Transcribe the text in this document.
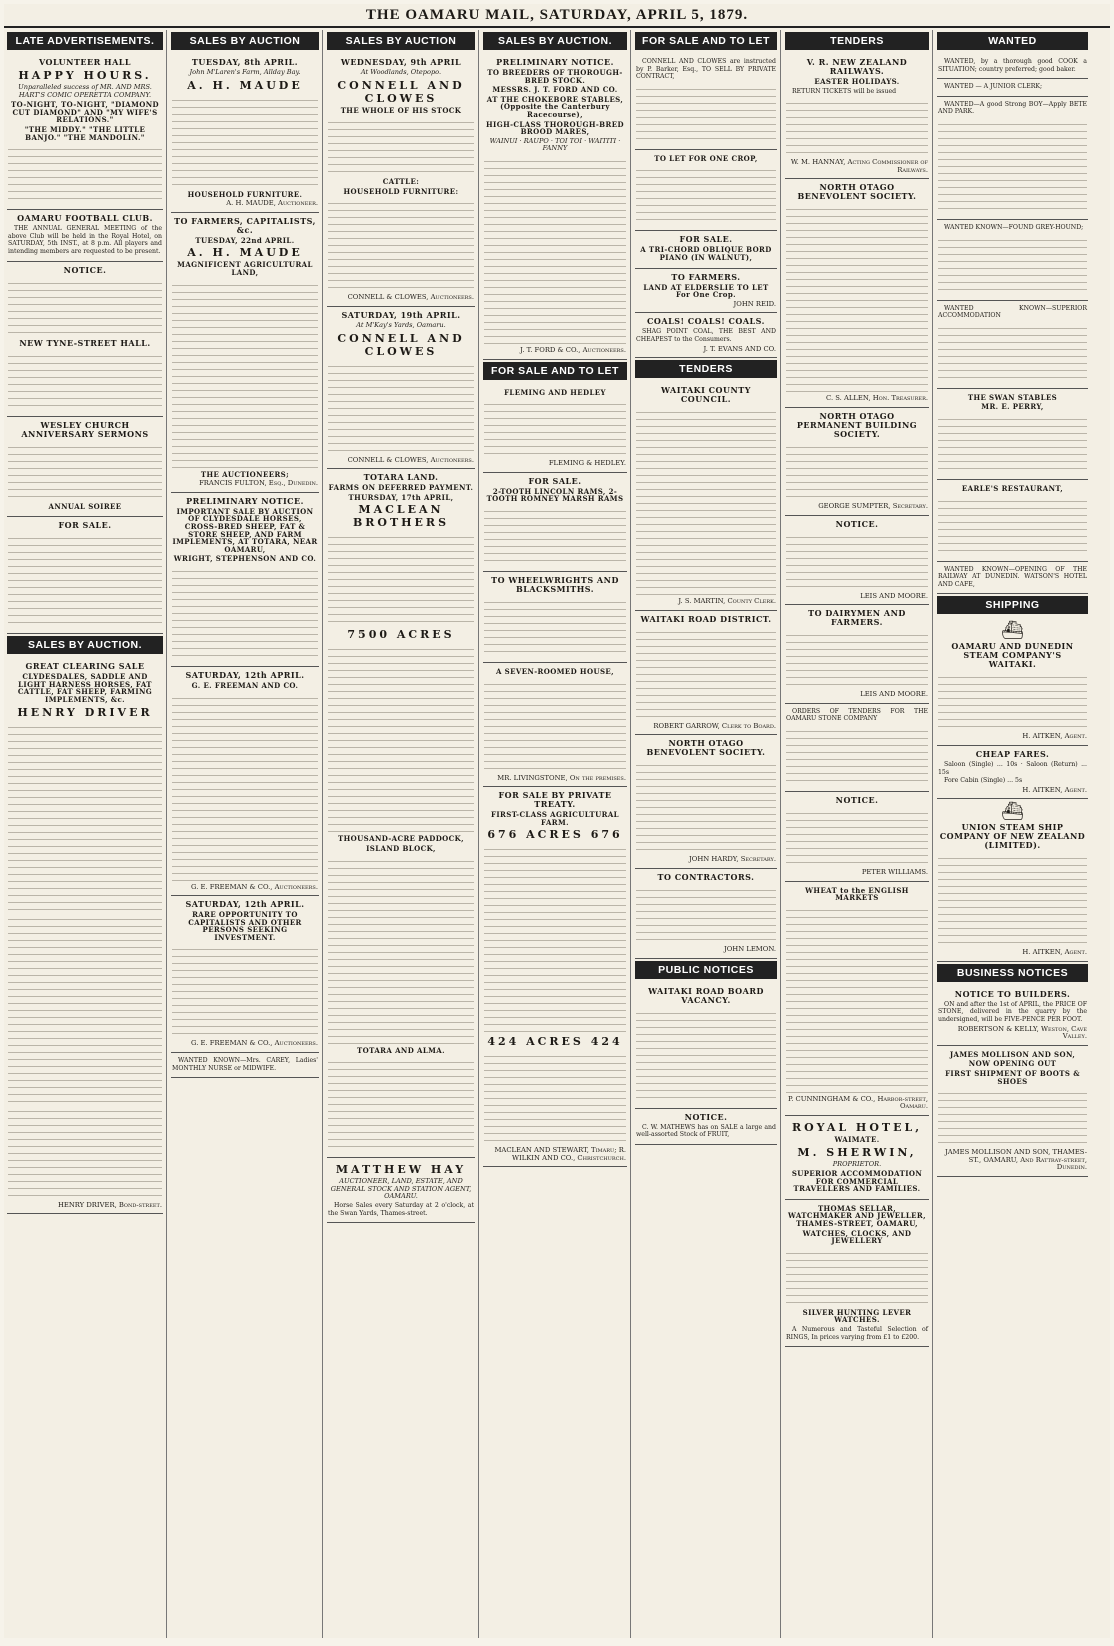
THE OAMARU MAIL, SATURDAY, APRIL 5, 1879.
LATE ADVERTISEMENTS.
VOLUNTEER HALL
HAPPY HOURS.
Unparalleled success of MR. AND MRS. HART'S COMIC OPERETTA COMPANY.
TO-NIGHT, TO-NIGHT, "DIAMOND CUT DIAMOND" AND "MY WIFE'S RELATIONS."
"THE MIDDY." "THE LITTLE BANJO." "THE MANDOLIN."
OAMARU FOOTBALL CLUB.

THE ANNUAL GENERAL MEETING of the above Club will be held in the Royal Hotel, on SATURDAY, 5th INST., at 8 p.m. All players and intending members are requested to be present.

NOTICE.
NEW TYNE-STREET HALL.
WESLEY CHURCH ANNIVERSARY SERMONS
ANNUAL SOIREE
FOR SALE.
SALES BY AUCTION.
GREAT CLEARING SALE
CLYDESDALES, SADDLE AND LIGHT HARNESS HORSES, FAT CATTLE, FAT SHEEP, FARMING IMPLEMENTS, &c.
HENRY DRIVER
HENRY DRIVER, Bond-street.
SALES BY AUCTION
TUESDAY, 8th APRIL.
John M'Laren's Farm, Allday Bay.
A. H. MAUDE
HOUSEHOLD FURNITURE.
A. H. MAUDE, Auctioneer.
TO FARMERS, CAPITALISTS, &c.
TUESDAY, 22nd APRIL.
A. H. MAUDE
MAGNIFICENT AGRICULTURAL LAND,
THE AUCTIONEERS;
FRANCIS FULTON, Esq., Dunedin.
PRELIMINARY NOTICE.
IMPORTANT SALE BY AUCTION OF CLYDESDALE HORSES, CROSS-BRED SHEEP, FAT & STORE SHEEP, AND FARM IMPLEMENTS, AT TOTARA, NEAR OAMARU,
WRIGHT, STEPHENSON AND CO.
SATURDAY, 12th APRIL.
G. E. FREEMAN AND CO.
G. E. FREEMAN & CO., Auctioneers.
SATURDAY, 12th APRIL.
RARE OPPORTUNITY TO CAPITALISTS AND OTHER PERSONS SEEKING INVESTMENT.
G. E. FREEMAN & CO., Auctioneers.

WANTED KNOWN—Mrs. CAREY, Ladies' MONTHLY NURSE or MIDWIFE.

SALES BY AUCTION
WEDNESDAY, 9th APRIL
At Woodlands, Otepopo.
CONNELL AND CLOWES
THE WHOLE OF HIS STOCK
CATTLE:
HOUSEHOLD FURNITURE:
CONNELL & CLOWES, Auctioneers.
SATURDAY, 19th APRIL.
At M'Kay's Yards, Oamaru.
CONNELL AND CLOWES
CONNELL & CLOWES, Auctioneers.
TOTARA LAND.
FARMS ON DEFERRED PAYMENT.
THURSDAY, 17th APRIL,
MACLEAN BROTHERS
7500 ACRES
THOUSAND-ACRE PADDOCK,
ISLAND BLOCK,
TOTARA AND ALMA.
MATTHEW HAY
AUCTIONEER, LAND, ESTATE, AND GENERAL STOCK AND STATION AGENT, OAMARU.

Horse Sales every Saturday at 2 o'clock, at the Swan Yards, Thames-street.

SALES BY AUCTION.
PRELIMINARY NOTICE.
TO BREEDERS OF THOROUGH-BRED STOCK.
MESSRS. J. T. FORD AND CO.
AT THE CHOKEBORE STABLES, (Opposite the Canterbury Racecourse),
HIGH-CLASS THOROUGH-BRED BROOD MARES,
WAINUI · RAUPO · TOI TOI · WAITITI · FANNY
J. T. FORD & CO., Auctioneers.
FOR SALE AND TO LET
FLEMING AND HEDLEY
FLEMING & HEDLEY.
FOR SALE.
2-TOOTH LINCOLN RAMS, 2-TOOTH ROMNEY MARSH RAMS
TO WHEELWRIGHTS AND BLACKSMITHS.
A SEVEN-ROOMED HOUSE,
MR. LIVINGSTONE, On the premises.
FOR SALE BY PRIVATE TREATY.
FIRST-CLASS AGRICULTURAL FARM.
676 ACRES 676
424 ACRES 424
MACLEAN AND STEWART, Timaru; R. WILKIN AND CO., Christchurch.
FOR SALE AND TO LET

CONNELL AND CLOWES are instructed by P. Barker, Esq., TO SELL BY PRIVATE CONTRACT,

TO LET FOR ONE CROP,
FOR SALE.
A TRI-CHORD OBLIQUE BORD PIANO (IN WALNUT),
TO FARMERS.
LAND AT ELDERSLIE TO LET For One Crop.
JOHN REID.
COALS! COALS! COALS.

SHAG POINT COAL, THE BEST AND CHEAPEST to the Consumers.

J. T. EVANS AND CO.
TENDERS
WAITAKI COUNTY COUNCIL.
J. S. MARTIN, County Clerk.
WAITAKI ROAD DISTRICT.
ROBERT GARROW, Clerk to Board.
NORTH OTAGO BENEVOLENT SOCIETY.
JOHN HARDY, Secretary.
TO CONTRACTORS.
JOHN LEMON.
PUBLIC NOTICES
WAITAKI ROAD BOARD VACANCY.
NOTICE.

C. W. MATHEWS has on SALE a large and well-assorted Stock of FRUIT,

TENDERS
V. R. NEW ZEALAND RAILWAYS.
EASTER HOLIDAYS.

RETURN TICKETS will be issued

W. M. HANNAY, Acting Commissioner of Railways.
NORTH OTAGO BENEVOLENT SOCIETY.
C. S. ALLEN, Hon. Treasurer.
NORTH OTAGO PERMANENT BUILDING SOCIETY.
GEORGE SUMPTER, Secretary.
NOTICE.
LEIS AND MOORE.
TO DAIRYMEN AND FARMERS.
LEIS AND MOORE.

ORDERS OF TENDERS FOR THE OAMARU STONE COMPANY

NOTICE.
PETER WILLIAMS.
WHEAT to the ENGLISH MARKETS
P. CUNNINGHAM & CO., Harbor-street, Oamaru.
ROYAL HOTEL,
WAIMATE.
M. SHERWIN,
PROPRIETOR.
SUPERIOR ACCOMMODATION FOR COMMERCIAL TRAVELLERS AND FAMILIES.
THOMAS SELLAR, WATCHMAKER AND JEWELLER, THAMES-STREET, OAMARU,
WATCHES, CLOCKS, AND JEWELLERY
SILVER HUNTING LEVER WATCHES.

A Numerous and Tasteful Selection of RINGS, In prices varying from £1 to £200.

WANTED

WANTED, by a thorough good COOK a SITUATION; country preferred; good baker.

WANTED — A JUNIOR CLERK;

WANTED—A good Strong BOY—Apply BETE AND PARK.

WANTED KNOWN—FOUND GREY-HOUND;

WANTED KNOWN—SUPERIOR ACCOMMODATION

THE SWAN STABLES
MR. E. PERRY,
EARLE'S RESTAURANT,

WANTED KNOWN—OPENING OF THE RAILWAY AT DUNEDIN. WATSON'S HOTEL AND CAFE,

SHIPPING
⛴
OAMARU AND DUNEDIN STEAM COMPANY'S WAITAKI.
H. AITKEN, Agent.
CHEAP FARES.

Saloon (Single) ... 10s · Saloon (Return) ... 15s

Fore Cabin (Single) ... 5s

H. AITKEN, Agent.
⛴
UNION STEAM SHIP COMPANY OF NEW ZEALAND (LIMITED).
H. AITKEN, Agent.
BUSINESS NOTICES
NOTICE TO BUILDERS.

ON and after the 1st of APRIL, the PRICE OF STONE, delivered in the quarry by the undersigned, will be FIVE-PENCE PER FOOT.

ROBERTSON & KELLY, Weston, Cave Valley.
JAMES MOLLISON AND SON,
NOW OPENING OUT
FIRST SHIPMENT OF BOOTS & SHOES
JAMES MOLLISON AND SON, THAMES-ST., OAMARU, And Rattray-street, Dunedin.
